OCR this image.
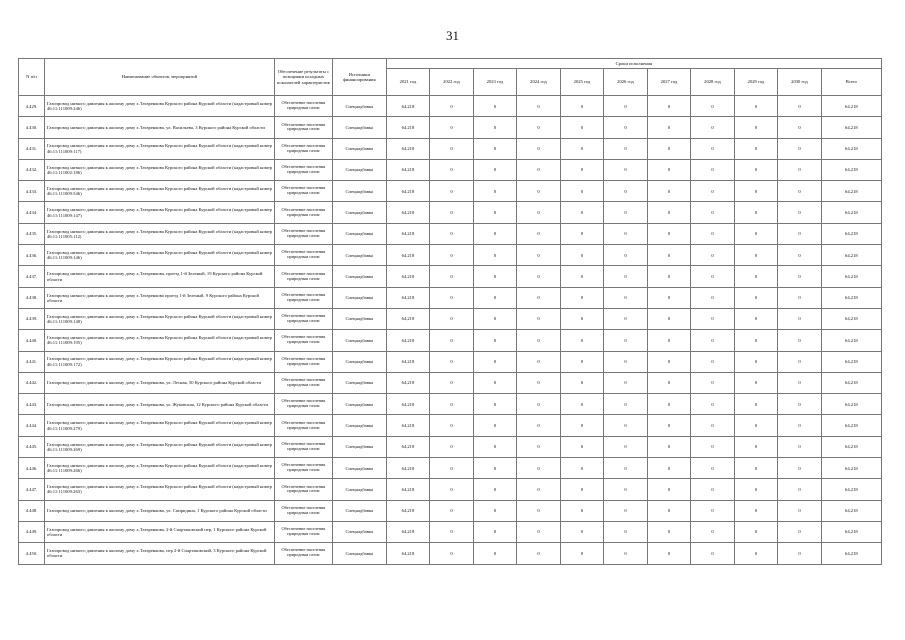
31
N п/п	Наименование объектов, мероприятий	Обеспечение результаты с позициями исходных показателей характеристик	Источники финансирования	Сроки исполнения										
				2021 год	2022 год	2023 год	2024 год	2025 год	2026 год	2027 год	2028 год	2029 год	2030 год	Всего
4.429.	Газопровод низкого давления к жилому дому х.Татаренкова Курского района Курской области (кадастровый номер 46:11:111009:246)	Обеспечение населения природным газом	Спецнадбавка	64,218	0	0	0	0	0	0	0	0	0	64,218
4.430.	Газопровод низкого давления к жилому дому х.Татаренкова, ул. Васильева, 3 Курского района Курской области	Обеспечение населения природным газом	Спецнадбавка	64,218	0	0	0	0	0	0	0	0	0	64,218
4.431.	Газопровод низкого давления к жилому дому х.Татаренкова Курского района Курской области (кадастровый номер 46:11:111009:117)	Обеспечение населения природным газом	Спецнадбавка	64,218	0	0	0	0	0	0	0	0	0	64,218
4.432.	Газопровод низкого давления к жилому дому х.Татаренкова Курского района Курской области (кадастровый номер 46:11:111002:186)	Обеспечение населения природным газом	Спецнадбавка	64,218	0	0	0	0	0	0	0	0	0	64,218
4.433.	Газопровод низкого давления к жилому дому х.Татаренкова Курского района Курской области (кадастровый номер 46:11:111009:546)	Обеспечение населения природным газом	Спецнадбавка	64,218	0	0	0	0	0	0	0	0	0	64,218
4.434.	Газопровод низкого давления к жилому дому х.Татаренкова Курского района Курской области (кадастровый номер 46:11:111009:147)	Обеспечение населения природным газом	Спецнадбавка	64,218	0	0	0	0	0	0	0	0	0	64,218
4.435.	Газопровод низкого давления к жилому дому х.Татаренкова Курского района Курской области (кадастровый номер 46:11:111005:112)	Обеспечение населения природным газом	Спецнадбавка	64,218	0	0	0	0	0	0	0	0	0	64,218
4.436.	Газопровод низкого давления к жилому дому х.Татаренкова Курского района Курской области (кадастровый номер 46:11:111009:146)	Обеспечение населения природным газом	Спецнадбавка	64,218	0	0	0	0	0	0	0	0	0	64,218
4.437.	Газопровод низкого давления к жилому дому х.Татаренкова, проезд 1-й Зеленый, 19 Курского района Курской области	Обеспечение населения природным газом	Спецнадбавка	64,218	0	0	0	0	0	0	0	0	0	64,218
4.438.	Газопровод низкого давления к жилому дому х.Татаренкова проезд 1-й Зеленый, 9 Курского района Курской области	Обеспечение населения природным газом	Спецнадбавка	64,218	0	0	0	0	0	0	0	0	0	64,218
4.439.	Газопровод низкого давления к жилому дому х.Татаренкова Курского района Курской области (кадастровый номер 46:11:111009:148)	Обеспечение населения природным газом	Спецнадбавка	64,218	0	0	0	0	0	0	0	0	0	64,218
4.440.	Газопровод низкого давления к жилому дому х.Татаренкова Курского района Курской области (кадастровый номер 46:11:111009:195)	Обеспечение населения природным газом	Спецнадбавка	64,218	0	0	0	0	0	0	0	0	0	64,218
4.441.	Газопровод низкого давления к жилому дому х.Татаренкова Курского района Курской области (кадастровый номер 46:11:111009:172)	Обеспечение населения природным газом	Спецнадбавка	64,218	0	0	0	0	0	0	0	0	0	64,218
4.442.	Газопровод низкого давления к жилому дому х.Татаренкова, ул. Лесная, 50 Курского района Курской области	Обеспечение населения природным газом	Спецнадбавка	64,218	0	0	0	0	0	0	0	0	0	64,218
4.443.	Газопровод низкого давления к жилому дому х.Татаренкова, ул. Жуковская, 12 Курского района Курской области	Обеспечение населения природным газом	Спецнадбавка	64,218	0	0	0	0	0	0	0	0	0	64,218
4.444.	Газопровод низкого давления к жилому дому х.Татаренкова Курского района Курской области (кадастровый номер 46:11:111009:279)	Обеспечение населения природным газом	Спецнадбавка	64,218	0	0	0	0	0	0	0	0	0	64,218
4.445.	Газопровод низкого давления к жилому дому х.Татаренкова Курского района Курской области (кадастровый номер 46:11:111009:269)	Обеспечение населения природным газом	Спецнадбавка	64,218	0	0	0	0	0	0	0	0	0	64,218
4.446.	Газопровод низкого давления к жилому дому х.Татаренкова Курского района Курской области (кадастровый номер 46:11:111009:266)	Обеспечение населения природным газом	Спецнадбавка	64,218	0	0	0	0	0	0	0	0	0	64,218
4.447.	Газопровод низкого давления к жилому дому х.Татаренкова Курского района Курской области (кадастровый номер 46:11:111009:263)	Обеспечение населения природным газом	Спецнадбавка	64,218	0	0	0	0	0	0	0	0	0	64,218
4.448.	Газопровод низкого давления к жилому дому х.Татаренкова, ул. Спиридина, 1 Курского района Курской области	Обеспечение населения природным газом	Спецнадбавка	64,218	0	0	0	0	0	0	0	0	0	64,218
4.449.	Газопровод низкого давления к жилому дому х.Татаренкова, 2-й Спартаковский пер, 1 Курского района Курской области	Обеспечение населения природным газом	Спецнадбавка	64,218	0	0	0	0	0	0	0	0	0	64,218
4.450.	Газопровод низкого давления к жилому дому х.Татаренкова, пер 2-й Спартаковский, 3 Курского района Курской области	Обеспечение населения природным газом	Спецнадбавка	64,218	0	0	0	0	0	0	0	0	0	64,218
